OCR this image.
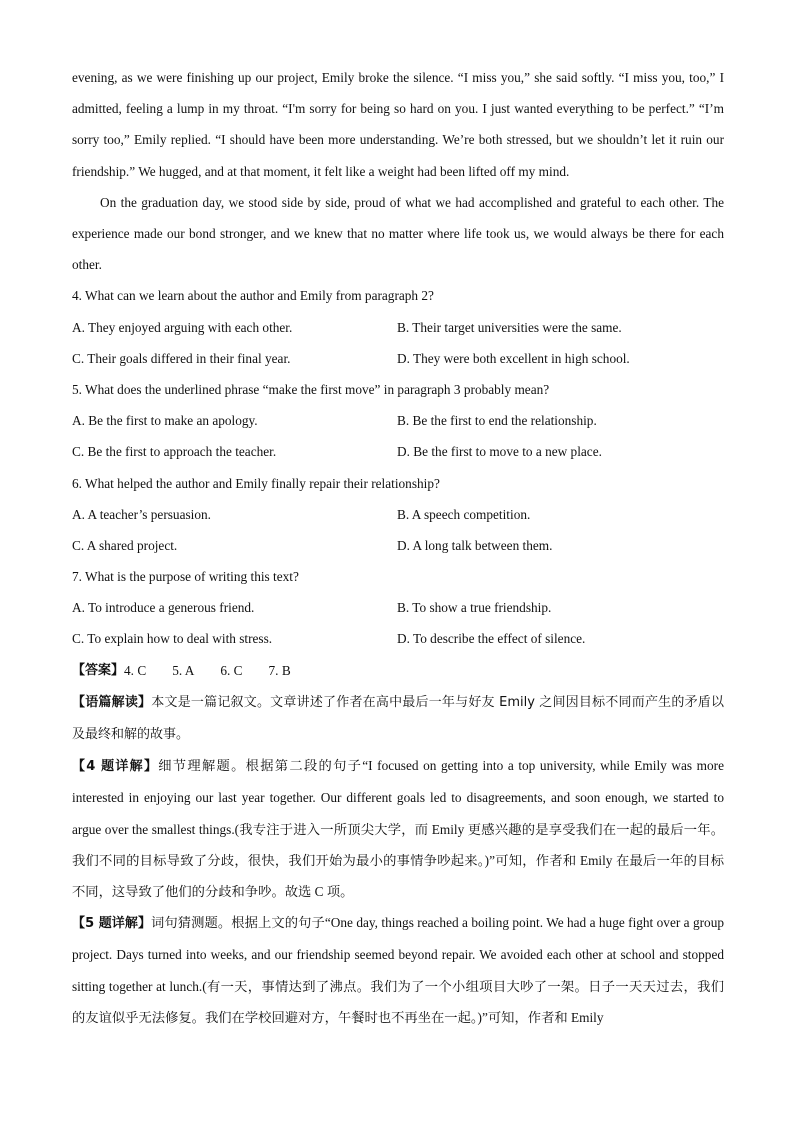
evening, as we were finishing up our project, Emily broke the silence. “I miss you,” she said softly. “I miss you, too,” I admitted, feeling a lump in my throat. “I'm sorry for being so hard on you. I just wanted everything to be perfect.” “I’m sorry too,” Emily replied. “I should have been more understanding. We’re both stressed, but we shouldn’t let it ruin our friendship.” We hugged, and at that moment, it felt like a weight had been lifted off my mind.

On the graduation day, we stood side by side, proud of what we had accomplished and grateful to each other. The experience made our bond stronger, and we knew that no matter where life took us, we would always be there for each other.

4. What can we learn about the author and Emily from paragraph 2?
A. They enjoyed arguing with each other.	B. Their target universities were the same.
C. Their goals differed in their final year.	D. They were both excellent in high school.
5. What does the underlined phrase “make the first move” in paragraph 3 probably mean?
A. Be the first to make an apology.	B. Be the first to end the relationship.
C. Be the first to approach the teacher.	D. Be the first to move to a new place.
6. What helped the author and Emily finally repair their relationship?
A. A teacher’s persuasion.	B. A speech competition.
C. A shared project.	D. A long talk between them.
7. What is the purpose of writing this text?
A. To introduce a generous friend.	B. To show a true friendship.
C. To explain how to deal with stress.	D. To describe the effect of silence.
【答案】 4. C 5. A 6. C 7. B

【语篇解读】本文是一篇记叙文。文章讲述了作者在高中最后一年与好友 Emily 之间因目标不同而产生的矛盾以及最终和解的故事。

【4 题详解】细节理解题。根据第二段的句子“I focused on getting into a top university, while Emily was more interested in enjoying our last year together. Our different goals led to disagreements, and soon enough, we started to argue over the smallest things.(我专注于进入一所顶尖大学，而 Emily 更感兴趣的是享受我们在一起的最后一年。我们不同的目标导致了分歧，很快，我们开始为最小的事情争吵起来。)”可知，作者和 Emily 在最后一年的目标不同，这导致了他们的分歧和争吵。故选 C 项。

【5 题详解】词句猜测题。根据上文的句子“One day, things reached a boiling point. We had a huge fight over a group project. Days turned into weeks, and our friendship seemed beyond repair. We avoided each other at school and stopped sitting together at lunch.(有一天，事情达到了沸点。我们为了一个小组项目大吵了一架。日子一天天过去，我们的友谊似乎无法修复。我们在学校回避对方，午餐时也不再坐在一起。)”可知，作者和 Emily
